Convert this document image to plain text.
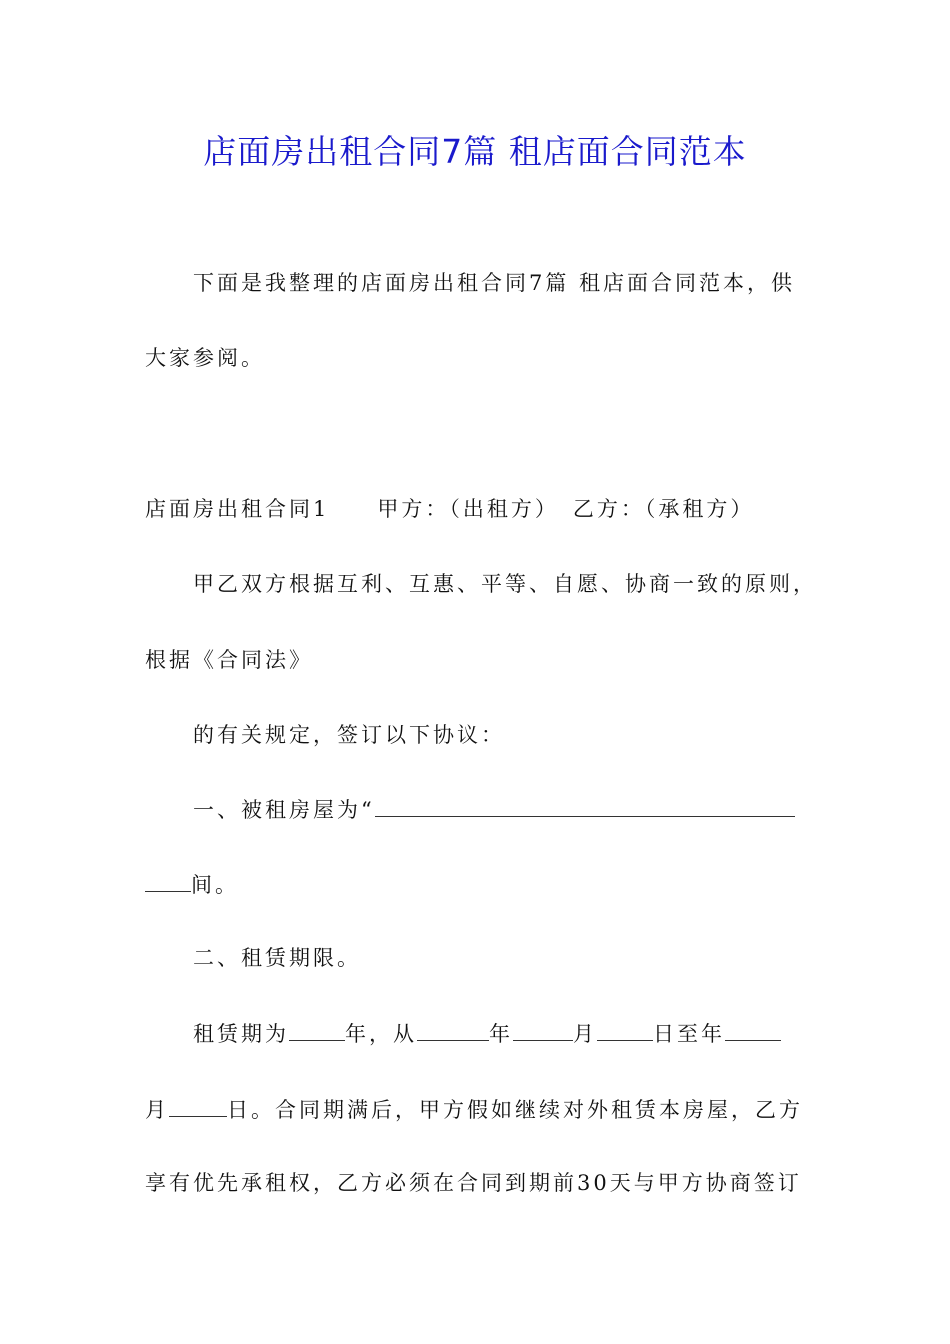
店面房出租合同7篇 租店面合同范本
下面是我整理的店面房出租合同7篇 租店面合同范本，供
大家参阅。
店面房出租合同1 甲方：（出租方） 乙方：（承租方）
甲乙双方根据互利、互惠、平等、自愿、协商一致的原则，
根据《合同法》
的有关规定，签订以下协议：
一、被租房屋为“
间。
二、租赁期限。
租赁期为	年，从	年	月	日至年
月	日。合同期满后，甲方假如继续对外租赁本房屋，乙方
享有优先承租权，乙方必须在合同到期前30天与甲方协商签订
